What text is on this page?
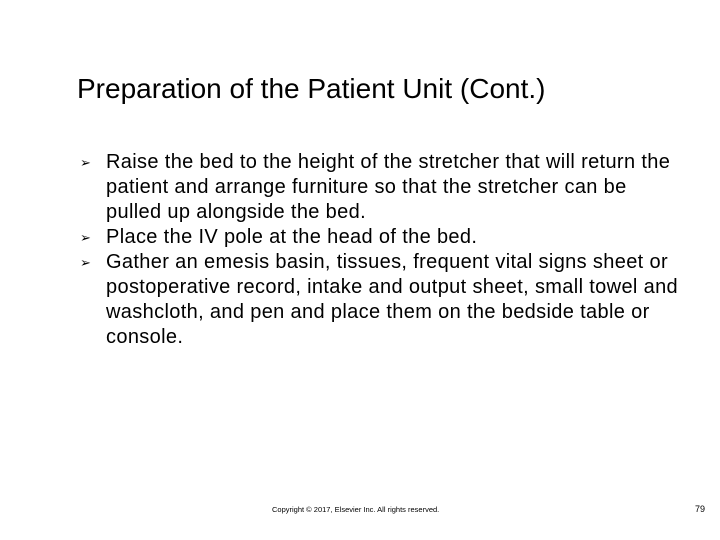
Preparation of the Patient Unit (Cont.)
➢ Raise the bed to the height of the stretcher that will return the patient and arrange furniture so that the stretcher can be pulled up alongside the bed.
➢ Place the IV pole at the head of the bed.
➢ Gather an emesis basin, tissues, frequent vital signs sheet or postoperative record, intake and output sheet, small towel and washcloth, and pen and place them on the bedside table or console.
Copyright © 2017, Elsevier Inc. All rights reserved.	79
